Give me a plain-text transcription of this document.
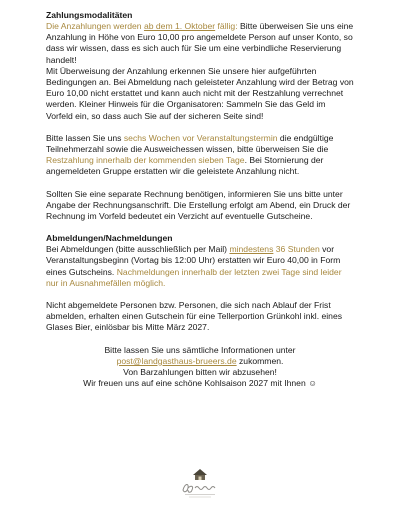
Zahlungsmodalitäten

Die Anzahlungen werden ab dem 1. Oktober fällig: Bitte überweisen Sie uns eine Anzahlung in Höhe von Euro 10,00 pro angemeldete Person auf unser Konto, so dass wir wissen, dass es sich auch für Sie um eine verbindliche Reservierung handelt!
Mit Überweisung der Anzahlung erkennen Sie unsere hier aufgeführten Bedingungen an. Bei Abmeldung nach geleisteter Anzahlung wird der Betrag von Euro 10,00 nicht erstattet und kann auch nicht mit der Restzahlung verrechnet werden. Kleiner Hinweis für die Organisatoren: Sammeln Sie das Geld im Vorfeld ein, so dass auch Sie auf der sicheren Seite sind!

Bitte lassen Sie uns sechs Wochen vor Veranstaltungstermin die endgültige Teilnehmerzahl sowie die Ausweichessen wissen, bitte überweisen Sie die Restzahlung innerhalb der kommenden sieben Tage. Bei Stornierung der angemeldeten Gruppe erstatten wir die geleistete Anzahlung nicht.

Sollten Sie eine separate Rechnung benötigen, informieren Sie uns bitte unter Angabe der Rechnungsanschrift. Die Erstellung erfolgt am Abend, ein Druck der Rechnung im Vorfeld bedeutet ein Verzicht auf eventuelle Gutscheine.

Abmeldungen/Nachmeldungen

Bei Abmeldungen (bitte ausschließlich per Mail) mindestens 36 Stunden vor Veranstaltungsbeginn (Vortag bis 12:00 Uhr) erstatten wir Euro 40,00 in Form eines Gutscheins. Nachmeldungen innerhalb der letzten zwei Tage sind leider nur in Ausnahmefällen möglich.

Nicht abgemeldete Personen bzw. Personen, die sich nach Ablauf der Frist abmelden, erhalten einen Gutschein für eine Tellerportion Grünkohl inkl. eines Glases Bier, einlösbar bis Mitte März 2027.

Bitte lassen Sie uns sämtliche Informationen unter
post@landgasthaus-brueers.de zukommen.
Von Barzahlungen bitten wir abzusehen!
Wir freuen uns auf eine schöne Kohlsaison 2027 mit Ihnen ☺
